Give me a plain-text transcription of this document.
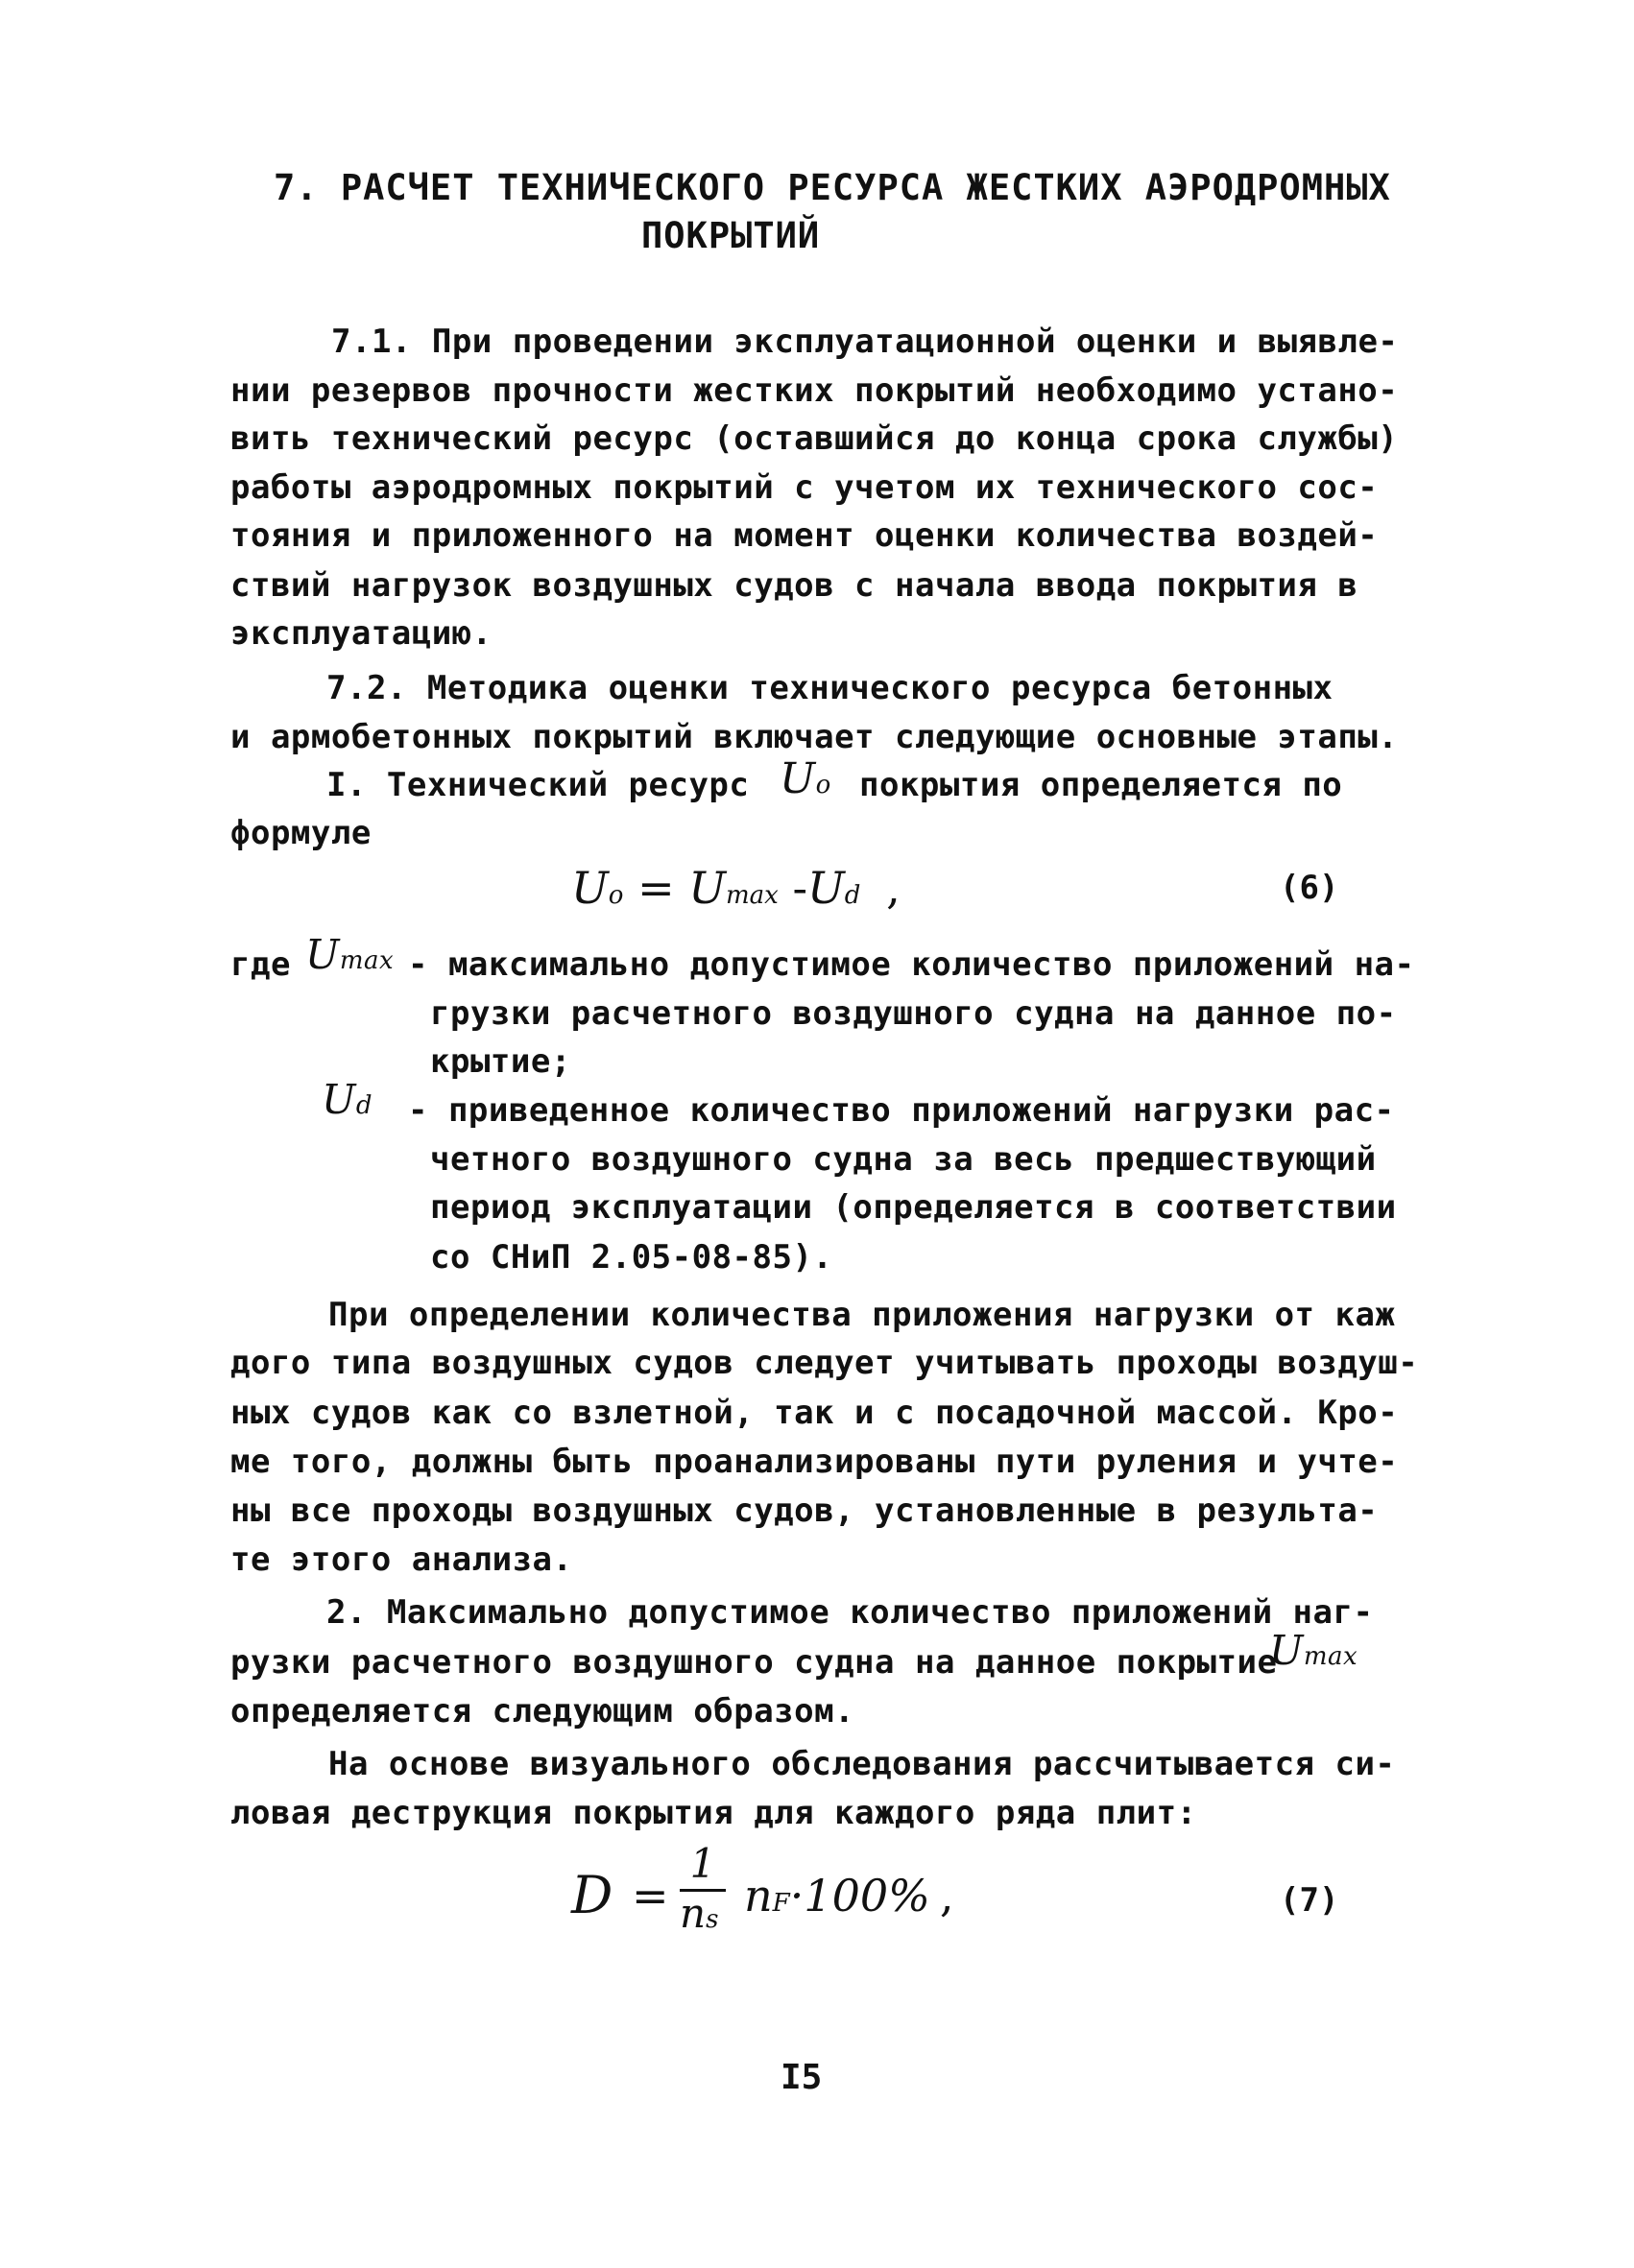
7. РАСЧЕТ ТЕХНИЧЕСКОГО РЕСУРСА ЖЕСТКИХ АЭРОДРОМНЫХ
ПОКРЫТИЙ
7.1. При проведении эксплуатационной оценки и выявле-
нии резервов прочности жестких покрытий необходимо устано-
вить технический ресурс (оставшийся до конца срока службы)
работы аэродромных покрытий с учетом их технического сос-
тояния и приложенного на момент оценки количества воздей-
ствий нагрузок воздушных судов с начала ввода покрытия в
эксплуатацию.
7.2. Методика оценки технического ресурса бетонных
и армобетонных покрытий включает следующие основные этапы.
I. Технический ресурс Uo покрытия определяется по
формуле
Uo = Umax -Ud ,	(6)
где Umax - максимально допустимое количество приложений на-
грузки расчетного воздушного судна на данное по-
крытие;
Ud - приведенное количество приложений нагрузки рас-
четного воздушного судна за весь предшествующий
период эксплуатации (определяется в соответствии
со СНиП 2.05-08-85).
При определении количества приложения нагрузки от каж
дого типа воздушных судов следует учитывать проходы воздуш-
ных судов как со взлетной, так и с посадочной массой. Кро-
ме того, должны быть проанализированы пути руления и учте-
ны все проходы воздушных судов, установленные в результа-
те этого анализа.
2. Максимально допустимое количество приложений наг-
рузки расчетного воздушного судна на данное покрытие
Umax
определяется следующим образом.
На основе визуального обследования рассчитывается си-
ловая деструкция покрытия для каждого ряда плит:
D =
1
ns nF·100% ,	(7)
I5
